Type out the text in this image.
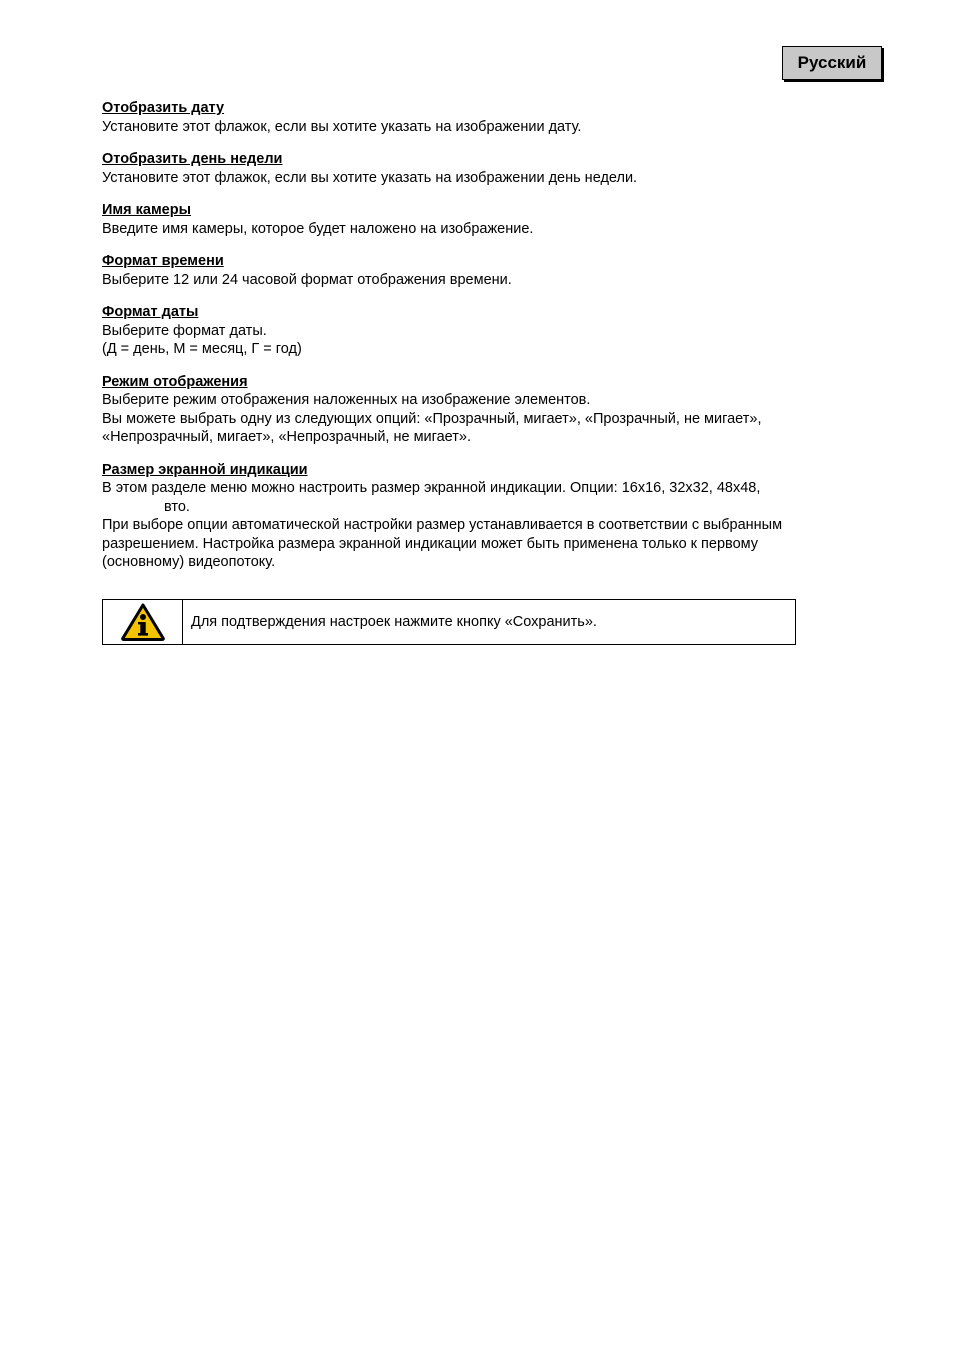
Русский
Отобразить дату
Установите этот флажок, если вы хотите указать на изображении дату.
Отобразить день недели
Установите этот флажок, если вы хотите указать на изображении день недели.
Имя камеры
Введите имя камеры, которое будет наложено на изображение.
Формат времени
Выберите 12 или 24 часовой формат отображения времени.
Формат даты
Выберите формат даты.
(Д = день, М = месяц, Г = год)
Режим отображения
Выберите режим отображения наложенных на изображение элементов.
Вы можете выбрать одну из следующих опций: «Прозрачный, мигает», «Прозрачный, не мигает»,
«Непрозрачный, мигает», «Непрозрачный, не мигает».
Размер экранной индикации
В этом разделе меню можно настроить размер экранной индикации. Опции: 16x16, 32x32, 48x48,
вто.
При выборе опции автоматической настройки размер устанавливается в соответствии с выбранным
разрешением. Настройка размера экранной индикации может быть применена только к первому
(основному) видеопотоку.
Для подтверждения настроек нажмите кнопку «Сохранить».
